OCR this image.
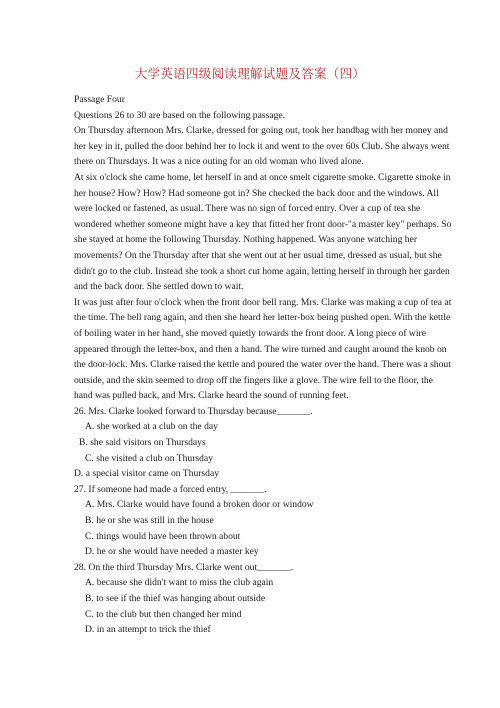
大学英语四级阅读理解试题及答案（四）
Passage Four
Questions 26 to 30 are based on the following passage.
On Thursday afternoon Mrs. Clarke, dressed for going out, took her handbag with her money and
her key in it, pulled the door behind her to lock it and went to the over 60s Club. She always went
there on Thursdays. It was a nice outing for an old woman who lived alone.
At six o'clock she came home, let herself in and at once smelt cigarette smoke. Cigarette smoke in
her house? How? How? Had someone got in? She checked the back door and the windows. All
were locked or fastened, as usual. There was no sign of forced entry. Over a cup of tea she
wondered whether someone might have a key that fitted her front door-"a master key" perhaps. So
she stayed at home the following Thursday. Nothing happened. Was anyone watching her
movements? On the Thursday after that she went out at her usual time, dressed as usual, but she
didn't go to the club. Instead she took a short cut home again, letting herself in through her garden
and the back door. She settled down to wait.
It was just after four o'clock when the front door bell rang. Mrs. Clarke was making a cup of tea at
the time. The bell rang again, and then she heard her letter-box being pushed open. With the kettle
of boiling water in her hand, she moved quietly towards the front door. A long piece of wire
appeared through the letter-box, and then a hand. The wire turned and caught around the knob on
the door-lock. Mrs. Clarke raised the kettle and poured the water over the hand. There was a shout
outside, and the skin seemed to drop off the fingers like a glove. The wire fell to the floor, the
hand was pulled back, and Mrs. Clarke heard the sound of running feet.
26. Mrs. Clarke looked forward to Thursday because_______.
A. she worked at a club on the day
B. she said visitors on Thursdays
C. she visited a club on Thursday
D. a special visitor came on Thursday
27. If someone had made a forced entry, _______.
A. Mrs. Clarke would have found a broken door or window
B. he or she was still in the house
C. things would have been thrown about
D. he or she would have needed a master key
28. On the third Thursday Mrs. Clarke went out_______.
A. because she didn't want to miss the club again
B. to see if the thief was hanging about outside
C. to the club but then changed her mind
D. in an attempt to trick the thief
